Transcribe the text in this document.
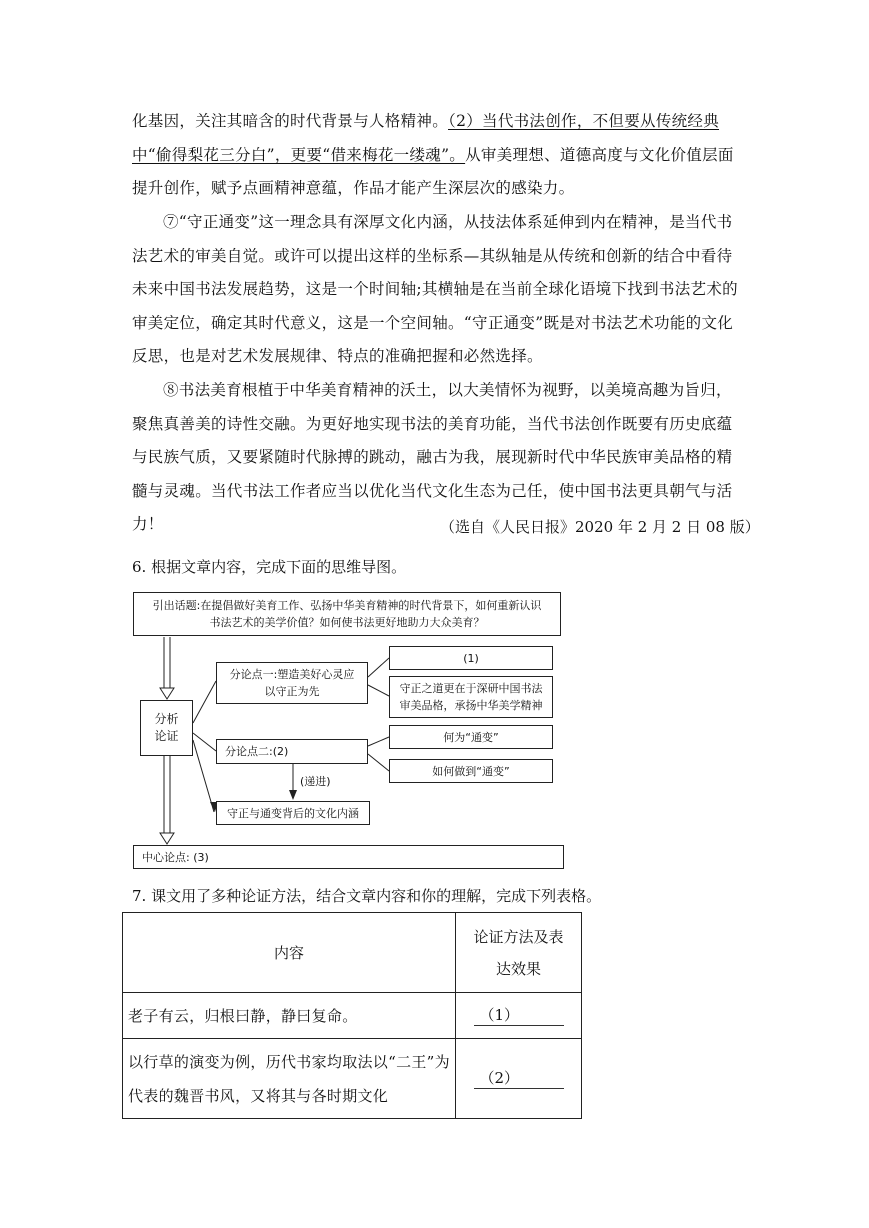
化基因，关注其暗含的时代背景与人格精神。（2）当代书法创作，不但要从传统经典中“偷得梨花三分白”，更要“借来梅花一缕魂”。从审美理想、道德高度与文化价值层面提升创作，赋予点画精神意蕴，作品才能产生深层次的感染力。
⑦“守正通变”这一理念具有深厚文化内涵，从技法体系延伸到内在精神，是当代书法艺术的审美自觉。或许可以提出这样的坐标系—其纵轴是从传统和创新的结合中看待未来中国书法发展趋势，这是一个时间轴;其横轴是在当前全球化语境下找到书法艺术的审美定位，确定其时代意义，这是一个空间轴。“守正通变”既是对书法艺术功能的文化反思，也是对艺术发展规律、特点的准确把握和必然选择。
⑧书法美育根植于中华美育精神的沃土，以大美情怀为视野，以美境高趣为旨归，聚焦真善美的诗性交融。为更好地实现书法的美育功能，当代书法创作既要有历史底蕴与民族气质，又要紧随时代脉搏的跳动，融古为我，展现新时代中华民族审美品格的精髓与灵魂。当代书法工作者应当以优化当代文化生态为己任，使中国书法更具朝气与活力！	（选自《人民日报》2020 年 2 月 2 日 08 版）
6. 根据文章内容，完成下面的思维导图。
引出话题:在提倡做好美育工作、弘扬中华美育精神的时代背景下，如何重新认识
书法艺术的美学价值？如何使书法更好地助力大众美育？
分析
论证
分论点一:塑造美好心灵应
以守正为先
(1)
守正之道更在于深研中国书法
审美品格，承扬中华美学精神
分论点二:(2)
何为“通变”
如何做到“通变”
(递进)
守正与通变背后的文化内涵
中心论点: (3)
7. 课文用了多种论证方法，结合文章内容和你的理解，完成下列表格。
内容	论证方法及表
达效果

老子有云，归根曰静，静曰复命。	（1）

以行草的演变为例，历代书家均取法以“二王”为代表的魏晋书风，又将其与各时期文化	（2）
